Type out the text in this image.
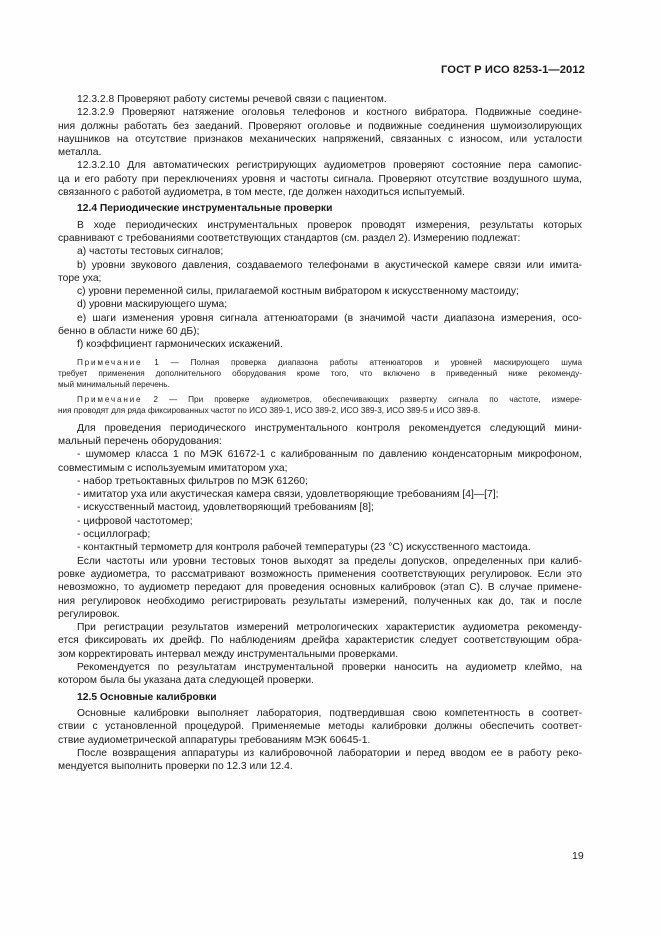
ГОСТ Р ИСО 8253-1—2012
12.3.2.8 Проверяют работу системы речевой связи с пациентом.
12.3.2.9 Проверяют натяжение оголовья телефонов и костного вибратора. Подвижные соедине-
ния должны работать без заеданий. Проверяют оголовье и подвижные соединения шумоизолирующих
наушников на отсутствие признаков механических напряжений, связанных с износом, или усталости
металла.
12.3.2.10 Для автоматических регистрирующих аудиометров проверяют состояние пера самопис-
ца и его работу при переключениях уровня и частоты сигнала. Проверяют отсутствие воздушного шума,
связанного с работой аудиометра, в том месте, где должен находиться испытуемый.
12.4 Периодические инструментальные проверки
В ходе периодических инструментальных проверок проводят измерения, результаты которых
сравнивают с требованиями соответствующих стандартов (см. раздел 2). Измерению подлежат:
a) частоты тестовых сигналов;
b) уровни звукового давления, создаваемого телефонами в акустической камере связи или имита-
торе уха;
c) уровни переменной силы, прилагаемой костным вибратором к искусственному мастоиду;
d) уровни маскирующего шума;
e) шаги изменения уровня сигнала аттенюаторами (в значимой части диапазона измерения, осо-
бенно в области ниже 60 дБ);
f) коэффициент гармонических искажений.
Примечание 1 — Полная проверка диапазона работы аттенюаторов и уровней маскирующего шума
требует применения дополнительного оборудования кроме того, что включено в приведенный ниже рекоменду-
мый минимальный перечень.
Примечание 2 — При проверке аудиометров, обеспечивающих развертку сигнала по частоте, измере-
ния проводят для ряда фиксированных частот по ИСО 389-1, ИСО 389-2, ИСО 389-3, ИСО 389-5 и ИСО 389-8.
Для проведения периодического инструментального контроля рекомендуется следующий мини-
мальный перечень оборудования:
- шумомер класса 1 по МЭК 61672-1 с калиброванным по давлению конденсаторным микрофоном,
совместимым с используемым имитатором уха;
- набор третьоктавных фильтров по МЭК 61260;
- имитатор уха или акустическая камера связи, удовлетворяющие требованиям [4]—[7];
- искусственный мастоид, удовлетворяющий требованиям [8];
- цифровой частотомер;
- осциллограф;
- контактный термометр для контроля рабочей температуры (23 °C) искусственного мастоида.
Если частоты или уровни тестовых тонов выходят за пределы допусков, определенных при калиб-
ровке аудиометра, то рассматривают возможность применения соответствующих регулировок. Если это
невозможно, то аудиометр передают для проведения основных калибровок (этап C). В случае примене-
ния регулировок необходимо регистрировать результаты измерений, полученных как до, так и после
регулировок.
При регистрации результатов измерений метрологических характеристик аудиометра рекоменду-
ется фиксировать их дрейф. По наблюдениям дрейфа характеристик следует соответствующим обра-
зом корректировать интервал между инструментальными проверками.
Рекомендуется по результатам инструментальной проверки наносить на аудиометр клеймо, на
котором была бы указана дата следующей проверки.
12.5 Основные калибровки
Основные калибровки выполняет лаборатория, подтвердившая свою компетентность в соответ-
ствии с установленной процедурой. Применяемые методы калибровки должны обеспечить соответ-
ствие аудиометрической аппаратуры требованиям МЭК 60645-1.
После возвращения аппаратуры из калибровочной лаборатории и перед вводом ее в работу реко-
мендуется выполнить проверки по 12.3 или 12.4.
19
